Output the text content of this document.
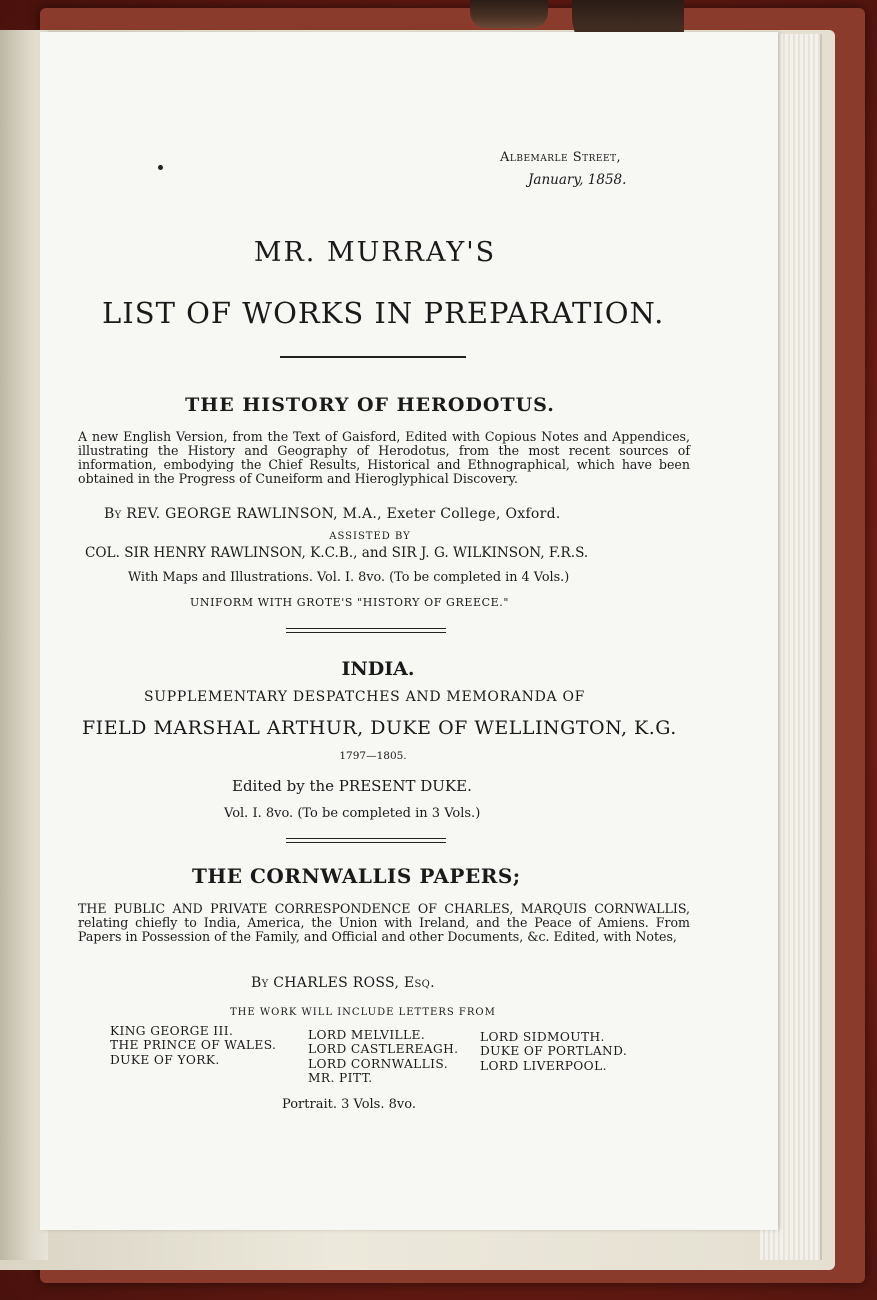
Albemarle Street,
January, 1858.
MR. MURRAY'S
LIST OF WORKS IN PREPARATION.
THE HISTORY OF HERODOTUS.
A new English Version, from the Text of Gaisford, Edited with Copious Notes and Appendices, illustrating the History and Geography of Herodotus, from the most recent sources of information, embodying the Chief Results, Historical and Ethnographical, which have been obtained in the Progress of Cuneiform and Hieroglyphical Discovery.
By REV. GEORGE RAWLINSON, M.A., Exeter College, Oxford.
ASSISTED BY
COL. SIR HENRY RAWLINSON, K.C.B., and SIR J. G. WILKINSON, F.R.S.
With Maps and Illustrations. Vol. I. 8vo. (To be completed in 4 Vols.)
UNIFORM WITH GROTE'S "HISTORY OF GREECE."
INDIA.
SUPPLEMENTARY DESPATCHES AND MEMORANDA OF
FIELD MARSHAL ARTHUR, DUKE OF WELLINGTON, K.G.
1797—1805.
Edited by the PRESENT DUKE.
Vol. I. 8vo. (To be completed in 3 Vols.)
THE CORNWALLIS PAPERS;
THE PUBLIC AND PRIVATE CORRESPONDENCE OF CHARLES, MARQUIS CORNWALLIS, relating chiefly to India, America, the Union with Ireland, and the Peace of Amiens. From Papers in Possession of the Family, and Official and other Documents, &c. Edited, with Notes,
By CHARLES ROSS, Esq.
THE WORK WILL INCLUDE LETTERS FROM
KING GEORGE III.
THE PRINCE OF WALES.
DUKE OF YORK.
LORD MELVILLE.
LORD CASTLEREAGH.
LORD CORNWALLIS.
MR. PITT.
LORD SIDMOUTH.
DUKE OF PORTLAND.
LORD LIVERPOOL.
Portrait. 3 Vols. 8vo.
